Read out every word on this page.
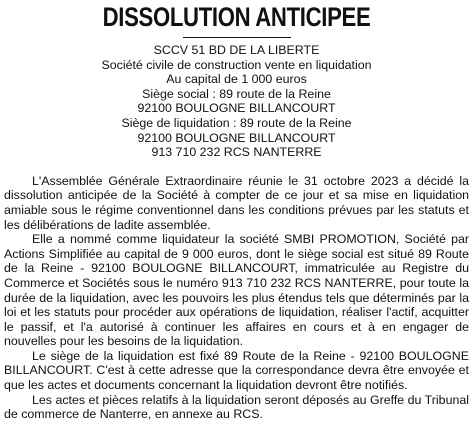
DISSOLUTION ANTICIPEE
SCCV 51 BD DE LA LIBERTE
Société civile de construction vente en liquidation
Au capital de 1 000 euros
Siège social : 89 route de la Reine
92100 BOULOGNE BILLANCOURT
Siège de liquidation : 89 route de la Reine
92100 BOULOGNE BILLANCOURT
913 710 232 RCS NANTERRE

L'Assemblée Générale Extraordinaire réunie le 31 octobre 2023 a décidé la dissolution anticipée de la Société à compter de ce jour et sa mise en liquidation amiable sous le régime conventionnel dans les conditions prévues par les statuts et les délibérations de ladite assemblée.

Elle a nommé comme liquidateur la société SMBI PROMOTION, Société par Actions Simplifiée au capital de 9 000 euros, dont le siège social est situé 89 Route de la Reine - 92100 BOULOGNE BILLANCOURT, immatriculée au Registre du Commerce et Sociétés sous le numéro 913 710 232 RCS NANTERRE, pour toute la durée de la liquidation, avec les pouvoirs les plus étendus tels que déterminés par la loi et les statuts pour procéder aux opérations de liquidation, réaliser l'actif, acquitter le passif, et l'a autorisé à continuer les affaires en cours et à en engager de nouvelles pour les besoins de la liquidation.

Le siège de la liquidation est fixé 89 Route de la Reine - 92100 BOULOGNE BILLANCOURT. C'est à cette adresse que la correspondance devra être envoyée et que les actes et documents concernant la liquidation devront être notifiés.

Les actes et pièces relatifs à la liquidation seront déposés au Greffe du Tribunal de commerce de Nanterre, en annexe au RCS.
